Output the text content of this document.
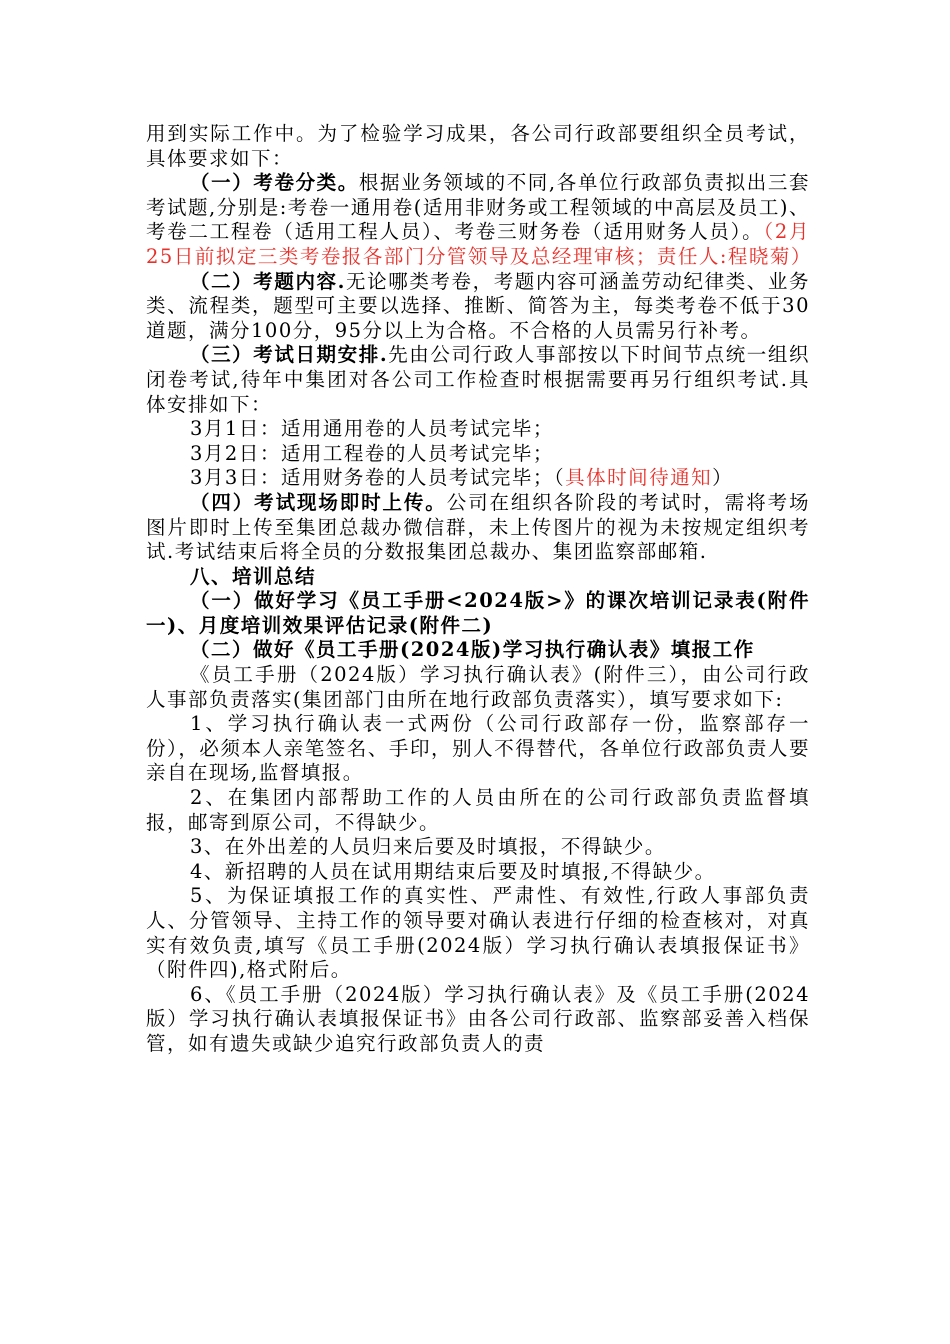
用到实际工作中。为了检验学习成果，各公司行政部要组织全员考试，具体要求如下：

（一）考卷分类。根据业务领域的不同,各单位行政部负责拟出三套考试题,分别是:考卷一通用卷(适用非财务或工程领域的中高层及员工)、考卷二工程卷（适用工程人员）、考卷三财务卷（适用财务人员）。（2月25日前拟定三类考卷报各部门分管领导及总经理审核；责任人:程晓菊）

（二）考题内容.无论哪类考卷，考题内容可涵盖劳动纪律类、业务类、流程类，题型可主要以选择、推断、简答为主，每类考卷不低于30道题，满分100分，95分以上为合格。不合格的人员需另行补考。

（三）考试日期安排.先由公司行政人事部按以下时间节点统一组织闭卷考试,待年中集团对各公司工作检查时根据需要再另行组织考试.具体安排如下：

3月1日：适用通用卷的人员考试完毕；

3月2日：适用工程卷的人员考试完毕；

3月3日：适用财务卷的人员考试完毕；（具体时间待通知）

（四）考试现场即时上传。公司在组织各阶段的考试时，需将考场图片即时上传至集团总裁办微信群，未上传图片的视为未按规定组织考试.考试结束后将全员的分数报集团总裁办、集团监察部邮箱.

八、培训总结

（一）做好学习《员工手册<2024版>》的课次培训记录表(附件一)、月度培训效果评估记录(附件二)

（二）做好《员工手册(2024版)学习执行确认表》填报工作

《员工手册（2024版）学习执行确认表》(附件三），由公司行政人事部负责落实(集团部门由所在地行政部负责落实），填写要求如下:

1、学习执行确认表一式两份（公司行政部存一份，监察部存一份），必须本人亲笔签名、手印，别人不得替代，各单位行政部负责人要亲自在现场,监督填报。

2、在集团内部帮助工作的人员由所在的公司行政部负责监督填报，邮寄到原公司，不得缺少。

3、在外出差的人员归来后要及时填报，不得缺少。

4、新招聘的人员在试用期结束后要及时填报,不得缺少。

5、为保证填报工作的真实性、严肃性、有效性,行政人事部负责人、分管领导、主持工作的领导要对确认表进行仔细的检查核对，对真实有效负责,填写《员工手册(2024版）学习执行确认表填报保证书》（附件四),格式附后。

6、《员工手册（2024版）学习执行确认表》及《员工手册(2024版）学习执行确认表填报保证书》由各公司行政部、监察部妥善入档保管，如有遗失或缺少追究行政部负责人的责
